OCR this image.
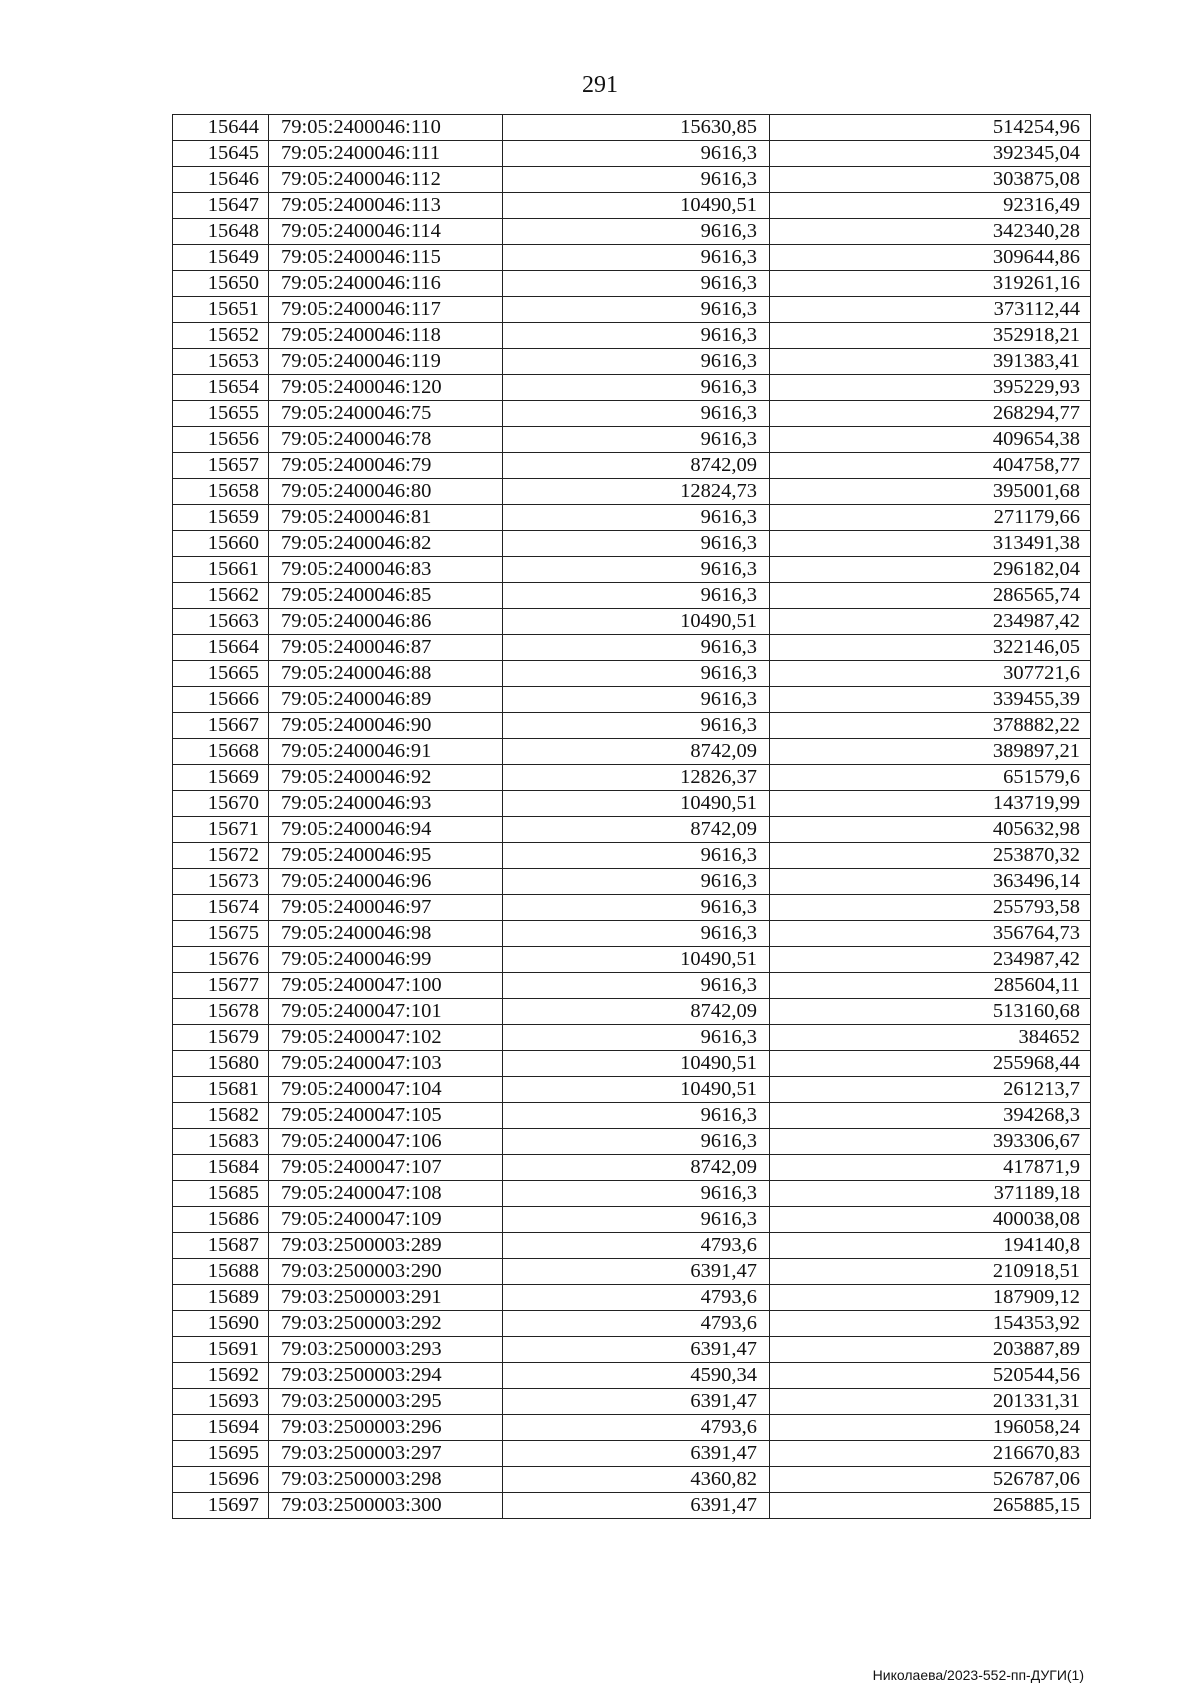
291
15644	79:05:2400046:110	15630,85	514254,96
15645	79:05:2400046:111	9616,3	392345,04
15646	79:05:2400046:112	9616,3	303875,08
15647	79:05:2400046:113	10490,51	92316,49
15648	79:05:2400046:114	9616,3	342340,28
15649	79:05:2400046:115	9616,3	309644,86
15650	79:05:2400046:116	9616,3	319261,16
15651	79:05:2400046:117	9616,3	373112,44
15652	79:05:2400046:118	9616,3	352918,21
15653	79:05:2400046:119	9616,3	391383,41
15654	79:05:2400046:120	9616,3	395229,93
15655	79:05:2400046:75	9616,3	268294,77
15656	79:05:2400046:78	9616,3	409654,38
15657	79:05:2400046:79	8742,09	404758,77
15658	79:05:2400046:80	12824,73	395001,68
15659	79:05:2400046:81	9616,3	271179,66
15660	79:05:2400046:82	9616,3	313491,38
15661	79:05:2400046:83	9616,3	296182,04
15662	79:05:2400046:85	9616,3	286565,74
15663	79:05:2400046:86	10490,51	234987,42
15664	79:05:2400046:87	9616,3	322146,05
15665	79:05:2400046:88	9616,3	307721,6
15666	79:05:2400046:89	9616,3	339455,39
15667	79:05:2400046:90	9616,3	378882,22
15668	79:05:2400046:91	8742,09	389897,21
15669	79:05:2400046:92	12826,37	651579,6
15670	79:05:2400046:93	10490,51	143719,99
15671	79:05:2400046:94	8742,09	405632,98
15672	79:05:2400046:95	9616,3	253870,32
15673	79:05:2400046:96	9616,3	363496,14
15674	79:05:2400046:97	9616,3	255793,58
15675	79:05:2400046:98	9616,3	356764,73
15676	79:05:2400046:99	10490,51	234987,42
15677	79:05:2400047:100	9616,3	285604,11
15678	79:05:2400047:101	8742,09	513160,68
15679	79:05:2400047:102	9616,3	384652
15680	79:05:2400047:103	10490,51	255968,44
15681	79:05:2400047:104	10490,51	261213,7
15682	79:05:2400047:105	9616,3	394268,3
15683	79:05:2400047:106	9616,3	393306,67
15684	79:05:2400047:107	8742,09	417871,9
15685	79:05:2400047:108	9616,3	371189,18
15686	79:05:2400047:109	9616,3	400038,08
15687	79:03:2500003:289	4793,6	194140,8
15688	79:03:2500003:290	6391,47	210918,51
15689	79:03:2500003:291	4793,6	187909,12
15690	79:03:2500003:292	4793,6	154353,92
15691	79:03:2500003:293	6391,47	203887,89
15692	79:03:2500003:294	4590,34	520544,56
15693	79:03:2500003:295	6391,47	201331,31
15694	79:03:2500003:296	4793,6	196058,24
15695	79:03:2500003:297	6391,47	216670,83
15696	79:03:2500003:298	4360,82	526787,06
15697	79:03:2500003:300	6391,47	265885,15
Николаева/2023-552-пп-ДУГИ(1)
